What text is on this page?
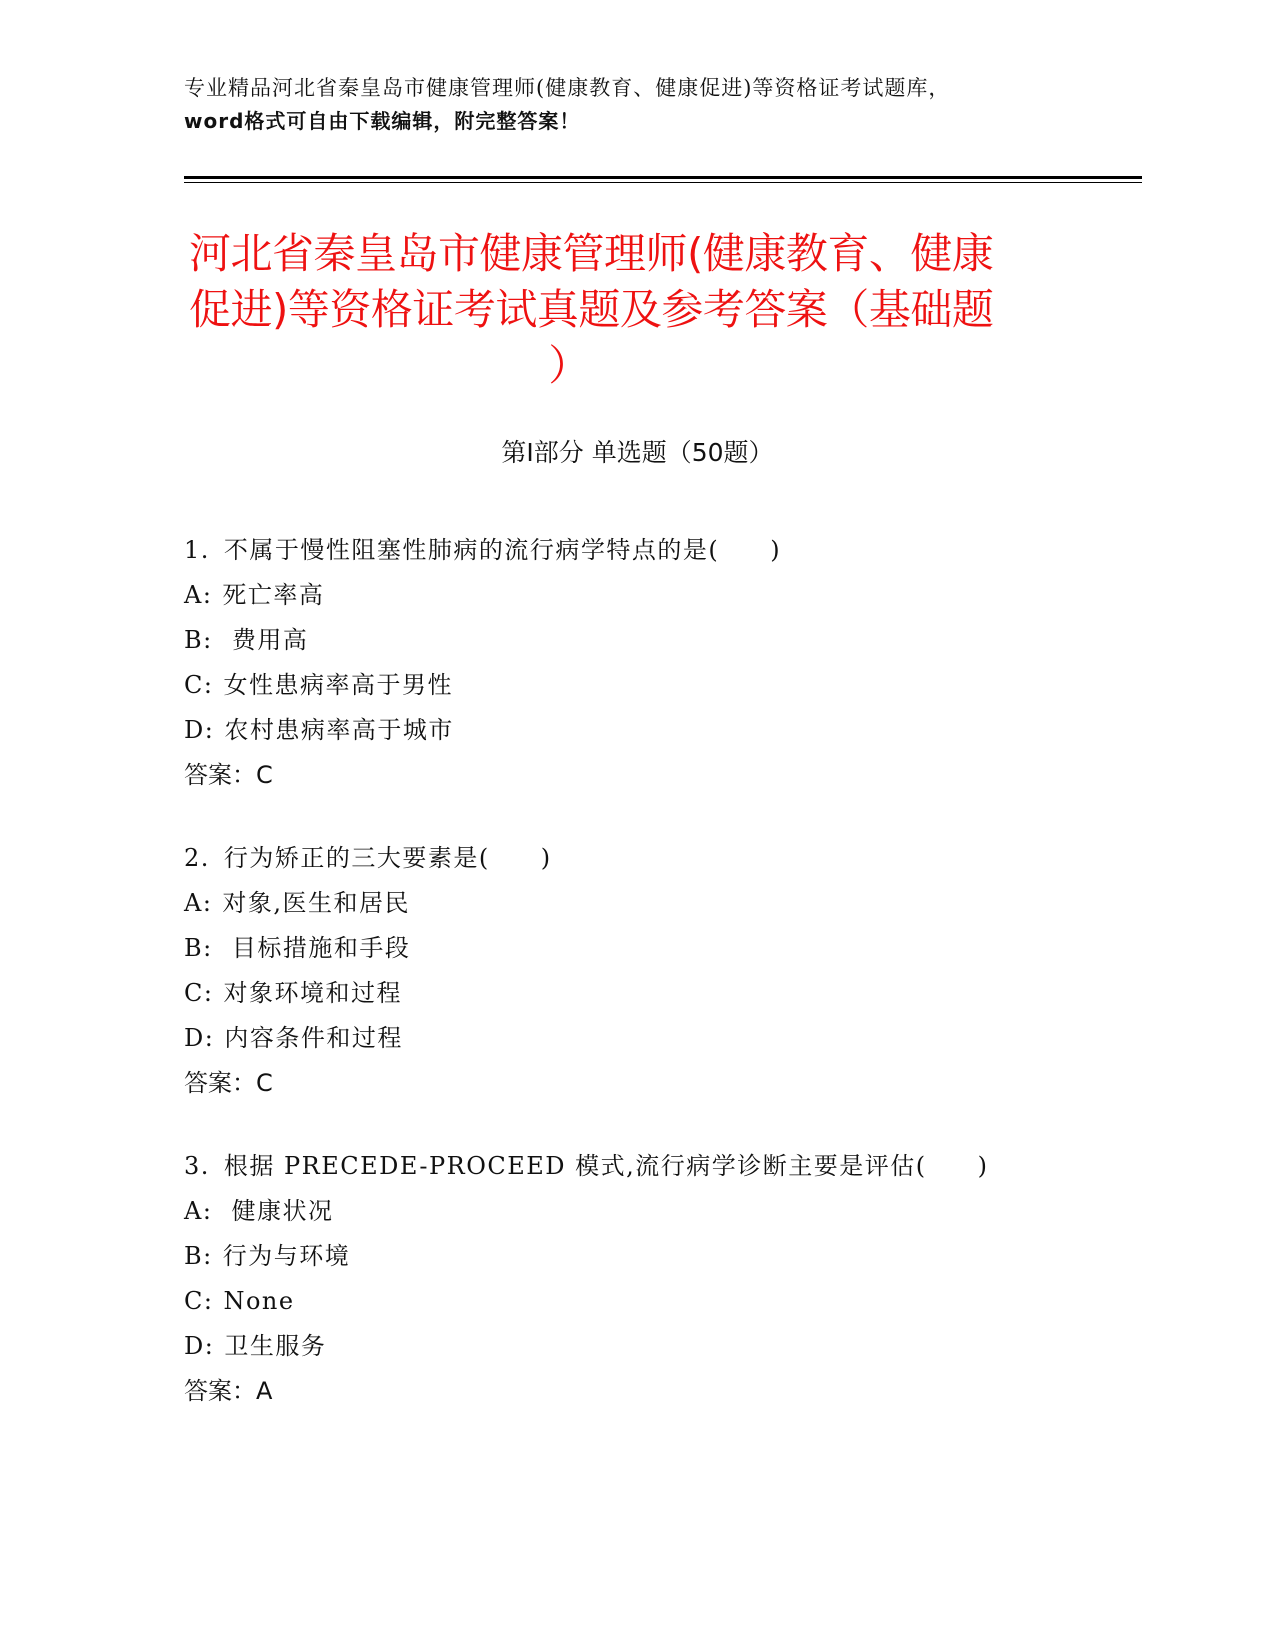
专业精品河北省秦皇岛市健康管理师(健康教育、健康促进)等资格证考试题库，
word格式可自由下载编辑，附完整答案！
河北省秦皇岛市健康管理师(健康教育、健康
促进)等资格证考试真题及参考答案（基础题
）
第Ⅰ部分 单选题（50题）
1. 不属于慢性阻塞性肺病的流行病学特点的是(　　)
A: 死亡率高
B: 费用高
C: 女性患病率高于男性
D: 农村患病率高于城市
答案：C
2. 行为矫正的三大要素是(　　)
A: 对象,医生和居民
B: 目标措施和手段
C: 对象环境和过程
D: 内容条件和过程
答案：C
3. 根据 PRECEDE-PROCEED 模式,流行病学诊断主要是评估(　　)
A: 健康状况
B: 行为与环境
C: None
D: 卫生服务
答案：A
